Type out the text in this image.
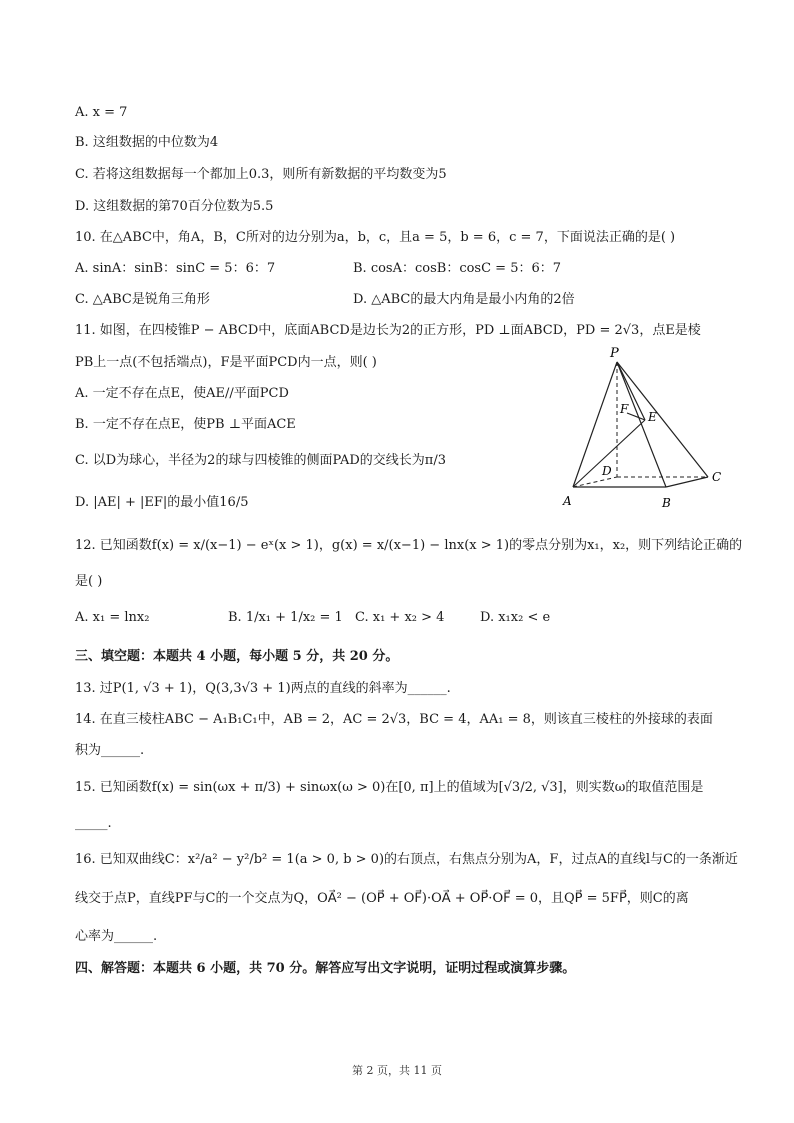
A. x = 7
B. 这组数据的中位数为4
C. 若将这组数据每一个都加上0.3，则所有新数据的平均数变为5
D. 这组数据的第70百分位数为5.5
10. 在△ABC中，角A，B，C所对的边分别为a，b，c，且a = 5，b = 6，c = 7，下面说法正确的是( )
A. sinA：sinB：sinC = 5：6：7	B. cosA：cosB：cosC = 5：6：7
C. △ABC是锐角三角形	D. △ABC的最大内角是最小内角的2倍
11. 如图，在四棱锥P − ABCD中，底面ABCD是边长为2的正方形，PD ⊥面ABCD，PD = 2√3，点E是棱
PB上一点(不包括端点)，F是平面PCD内一点，则( )
A. 一定不存在点E，使AE//平面PCD
B. 一定不存在点E，使PB ⊥平面ACE
C. 以D为球心，半径为2的球与四棱锥的侧面PAD的交线长为π/3
D. |AE| + |EF|的最小值16/5
P
F
E
D	C
A	B
12. 已知函数f(x) = x/(x−1) − eˣ(x > 1)，g(x) = x/(x−1) − lnx(x > 1)的零点分别为x₁，x₂，则下列结论正确的
是( )
A. x₁ = lnx₂	B. 1/x₁ + 1/x₂ = 1 C. x₁ + x₂ > 4	D. x₁x₂ < e
三、填空题：本题共 4 小题，每小题 5 分，共 20 分。
13. 过P(1, √3 + 1)，Q(3,3√3 + 1)两点的直线的斜率为______.
14. 在直三棱柱ABC − A₁B₁C₁中，AB = 2，AC = 2√3，BC = 4，AA₁ = 8，则该直三棱柱的外接球的表面
积为______.
15. 已知函数f(x) = sin(ωx + π/3) + sinωx(ω > 0)在[0, π]上的值域为[√3/2, √3]，则实数ω的取值范围是
_____.
16. 已知双曲线C：x²/a² − y²/b² = 1(a > 0, b > 0)的右顶点，右焦点分别为A，F，过点A的直线l与C的一条渐近
线交于点P，直线PF与C的一个交点为Q，OA⃗² − (OP⃗ + OF⃗)·OA⃗ + OP⃗·OF⃗ = 0，且QP⃗ = 5FP⃗，则C的离
心率为______.
四、解答题：本题共 6 小题，共 70 分。解答应写出文字说明，证明过程或演算步骤。
第 2 页，共 11 页
